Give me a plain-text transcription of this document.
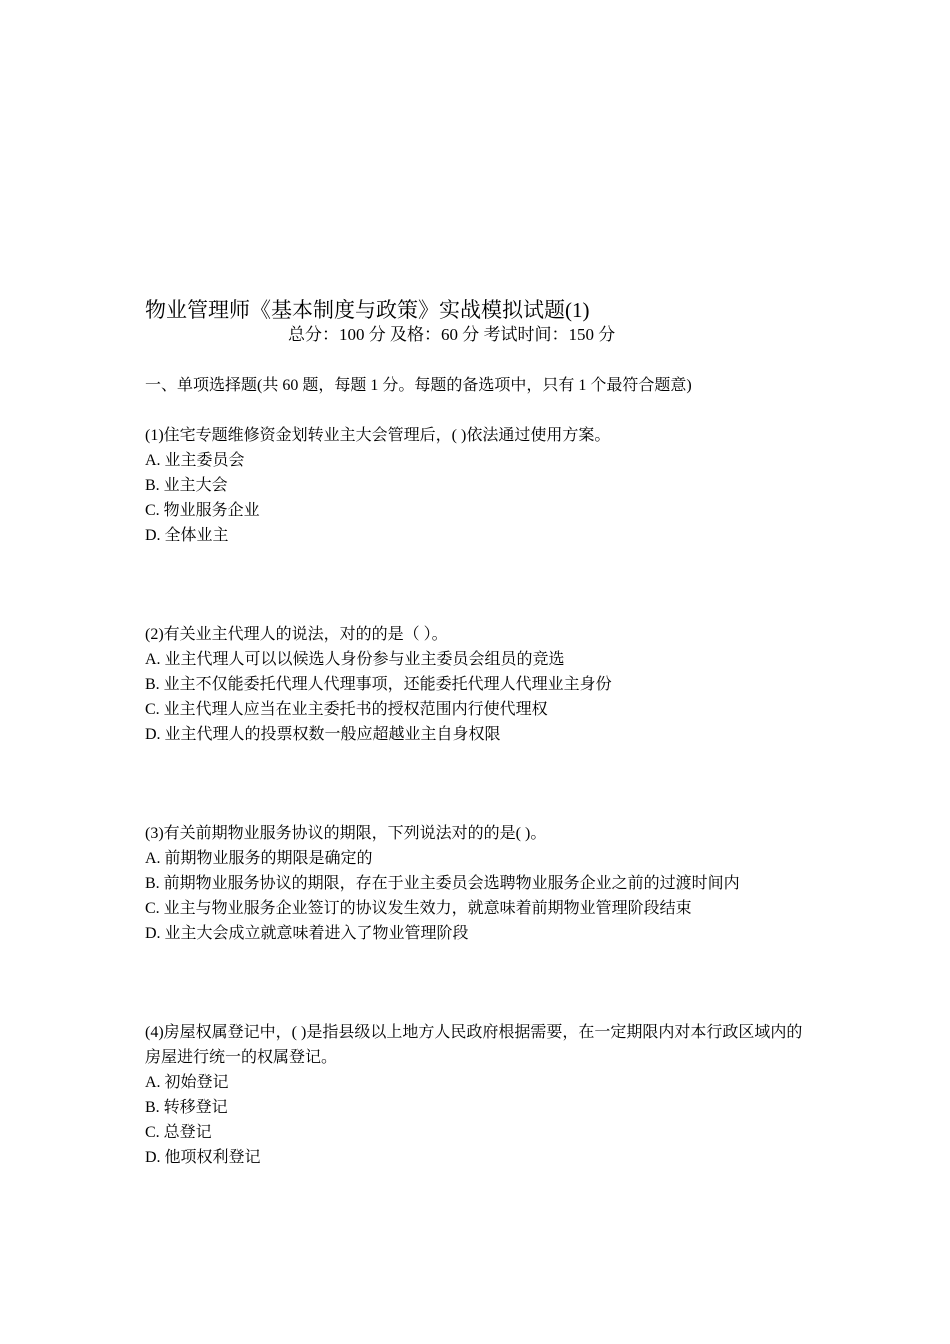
物业管理师《基本制度与政策》实战模拟试题(1)
总分：100 分 及格：60 分 考试时间：150 分
一、单项选择题(共 60 题，每题 1 分。每题的备选项中，只有 1 个最符合题意)

(1)住宅专题维修资金划转业主大会管理后，( )依法通过使用方案。

A. 业主委员会

B. 业主大会

C. 物业服务企业

D. 全体业主

(2)有关业主代理人的说法，对的的是（ ）。

A. 业主代理人可以以候选人身份参与业主委员会组员的竞选

B. 业主不仅能委托代理人代理事项，还能委托代理人代理业主身份

C. 业主代理人应当在业主委托书的授权范围内行使代理权

D. 业主代理人的投票权数一般应超越业主自身权限

(3)有关前期物业服务协议的期限，下列说法对的的是( )。

A. 前期物业服务的期限是确定的

B. 前期物业服务协议的期限，存在于业主委员会选聘物业服务企业之前的过渡时间内

C. 业主与物业服务企业签订的协议发生效力，就意味着前期物业管理阶段结束

D. 业主大会成立就意味着进入了物业管理阶段

(4)房屋权属登记中，( )是指县级以上地方人民政府根据需要，在一定期限内对本行政区域内的房屋进行统一的权属登记。

A. 初始登记

B. 转移登记

C. 总登记

D. 他项权利登记
